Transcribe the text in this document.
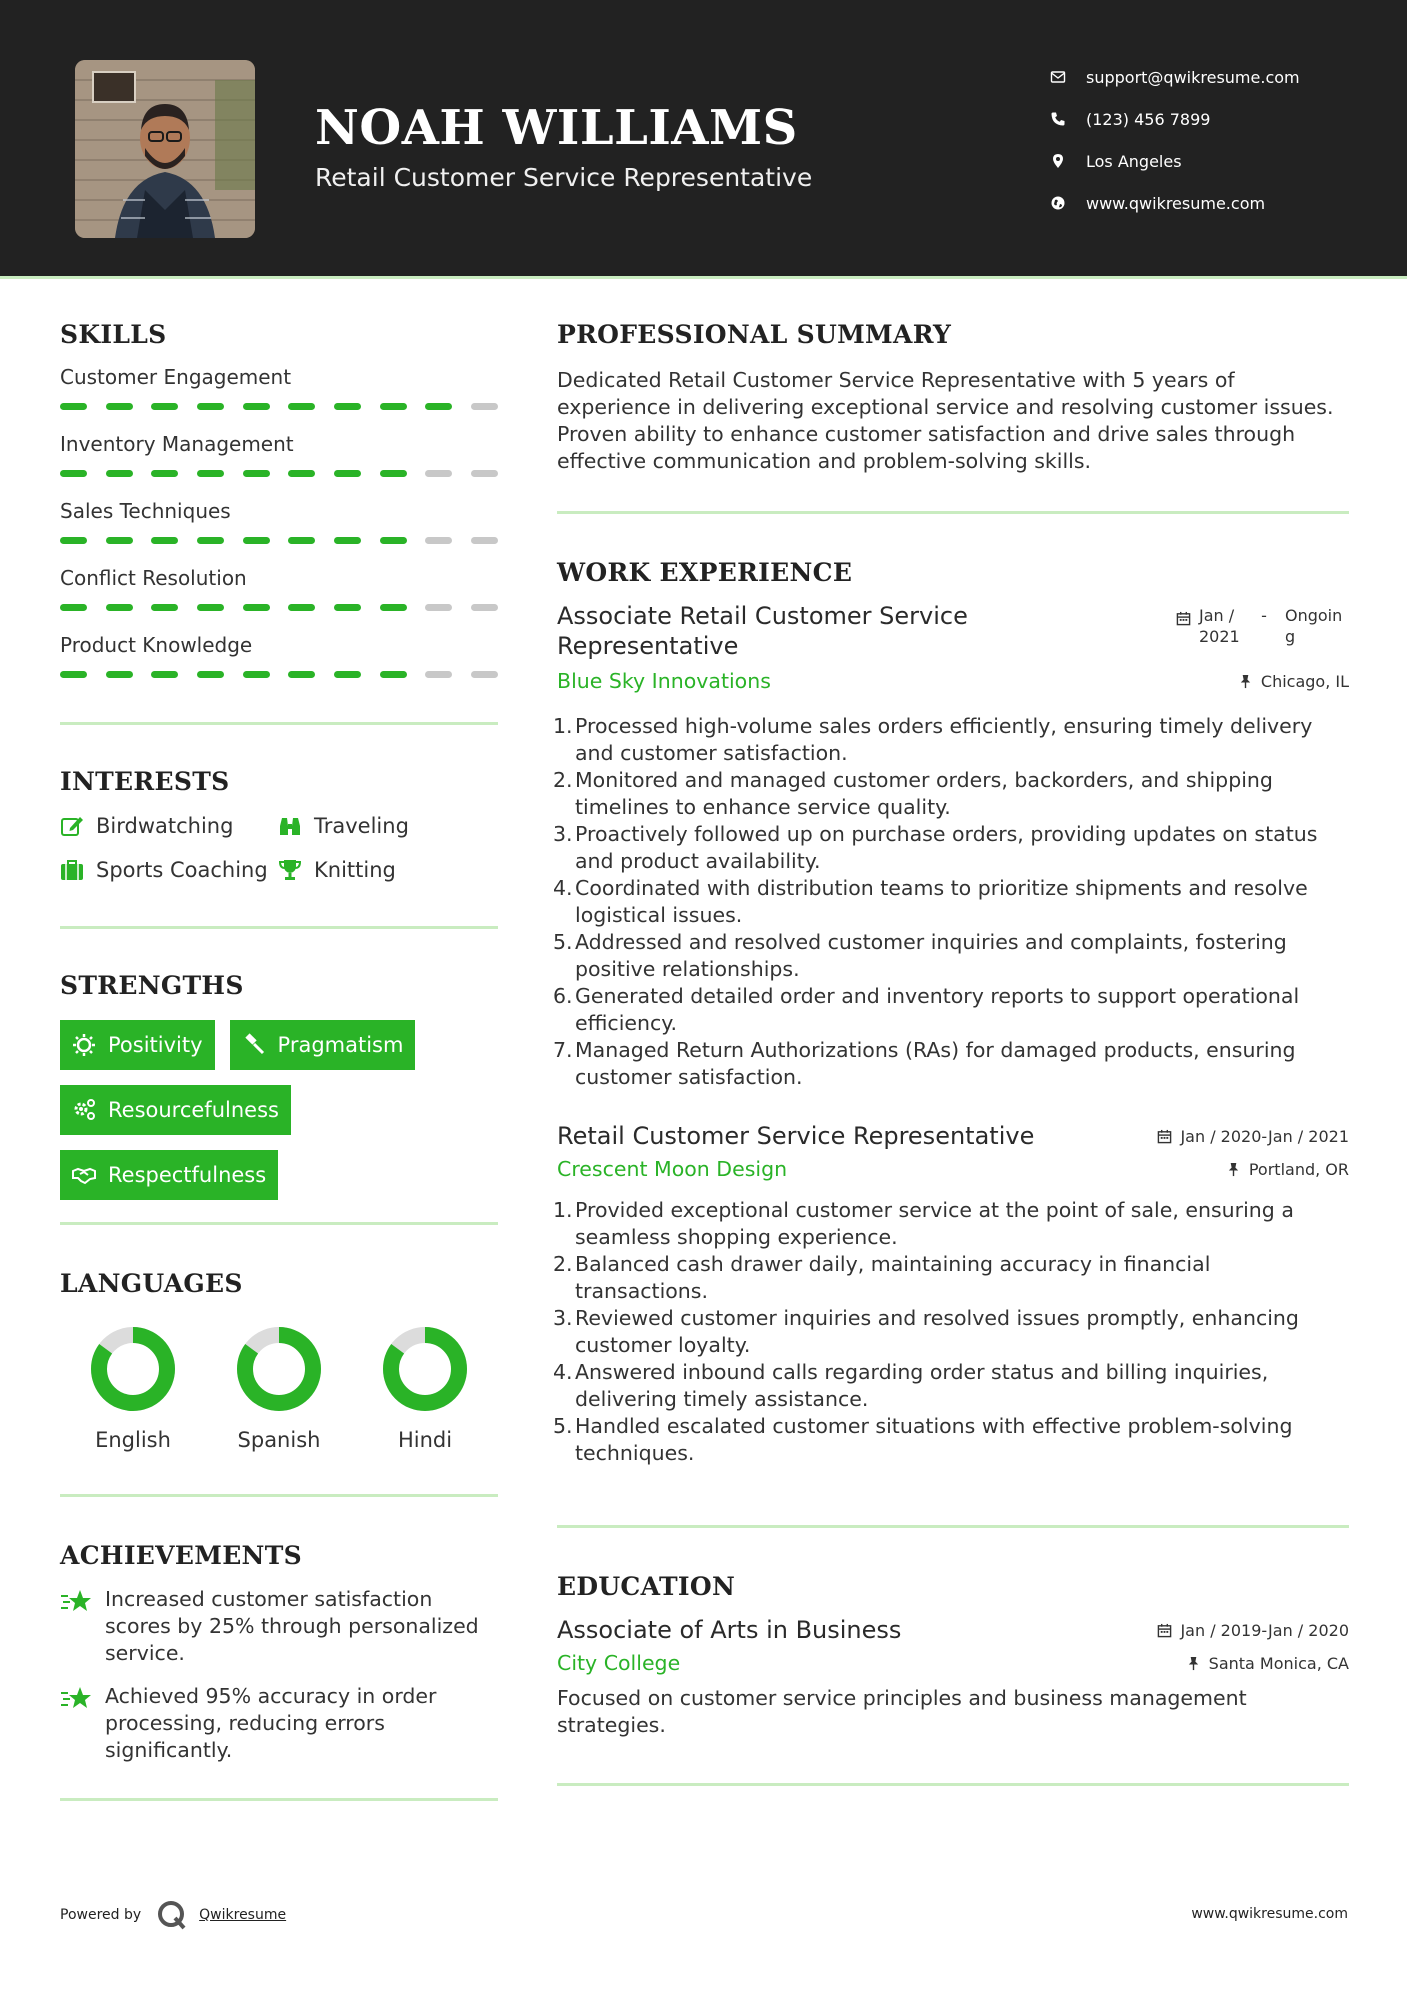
NOAH WILLIAMS
Retail Customer Service Representative
support@qwikresume.com
(123) 456 7899
Los Angeles
www.qwikresume.com
SKILLS
Customer Engagement
Inventory Management
Sales Techniques
Conflict Resolution
Product Knowledge
INTERESTS
Birdwatching	Traveling
Sports Coaching Knitting
STRENGTHS
Positivity	Pragmatism
Resourcefulness
Respectfulness
LANGUAGES
English	Spanish	Hindi
ACHIEVEMENTS
Increased customer satisfaction scores by 25% through personalized service.
Achieved 95% accuracy in order processing, reducing errors significantly.
PROFESSIONAL SUMMARY
Dedicated Retail Customer Service Representative with 5 years of experience in delivering exceptional service and resolving customer issues. Proven ability to enhance customer satisfaction and drive sales through effective communication and problem-solving skills.
WORK EXPERIENCE
Associate Retail Customer Service Representative
Jan / 2021
-	Ongoing
Blue Sky Innovations	Chicago, IL
1. Processed high-volume sales orders efficiently, ensuring timely delivery and customer satisfaction.
2. Monitored and managed customer orders, backorders, and shipping timelines to enhance service quality.
3. Proactively followed up on purchase orders, providing updates on status and product availability.
4. Coordinated with distribution teams to prioritize shipments and resolve logistical issues.
5. Addressed and resolved customer inquiries and complaints, fostering positive relationships.
6. Generated detailed order and inventory reports to support operational efficiency.
7. Managed Return Authorizations (RAs) for damaged products, ensuring customer satisfaction.
Retail Customer Service Representative	Jan / 2020-Jan / 2021
Crescent Moon Design	Portland, OR
1. Provided exceptional customer service at the point of sale, ensuring a seamless shopping experience.
2. Balanced cash drawer daily, maintaining accuracy in financial transactions.
3. Reviewed customer inquiries and resolved issues promptly, enhancing customer loyalty.
4. Answered inbound calls regarding order status and billing inquiries, delivering timely assistance.
5. Handled escalated customer situations with effective problem-solving techniques.
EDUCATION
Associate of Arts in Business	Jan / 2019-Jan / 2020
City College	Santa Monica, CA
Focused on customer service principles and business management strategies.
Powered by	Qwikresume	www.qwikresume.com
